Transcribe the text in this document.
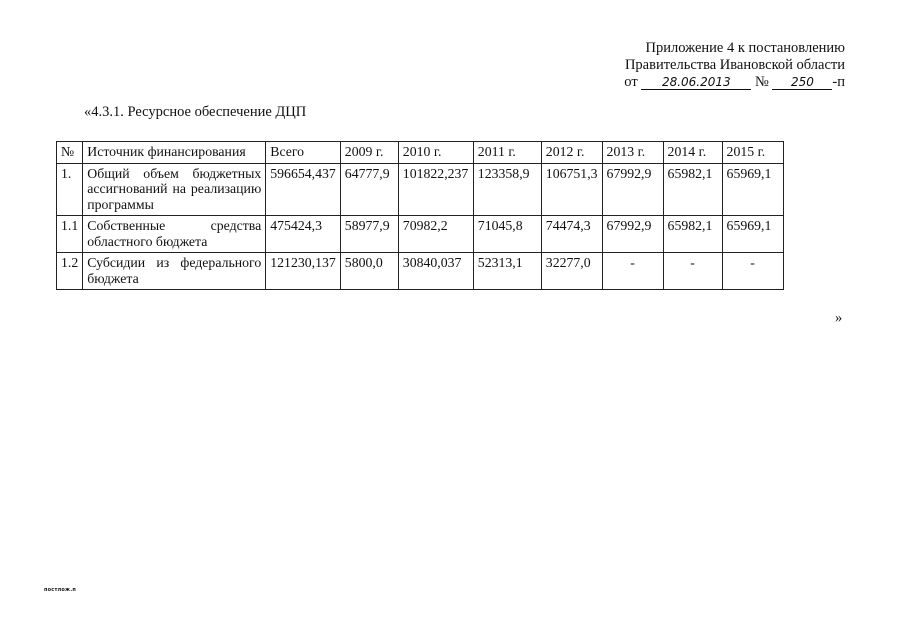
Приложение 4 к постановлению
Правительства Ивановской области
от 28.06.2013 № 250 -п
«4.3.1. Ресурсное обеспечение ДЦП
№	Источник финансирования	Всего	2009 г.	2010 г.	2011 г.	2012 г.	2013 г.	2014 г.	2015 г.
1.	Общий объем бюджетных ассигнований на реализацию программы	596654,437	64777,9	101822,237	123358,9	106751,3	67992,9	65982,1	65969,1
1.1	Собственные средства областного бюджета	475424,3	58977,9	70982,2	71045,8	74474,3	67992,9	65982,1	65969,1
1.2	Субсидии из федерального бюджета	121230,137	5800,0	30840,037	52313,1	32277,0	-	-	-
»
постлож.п
